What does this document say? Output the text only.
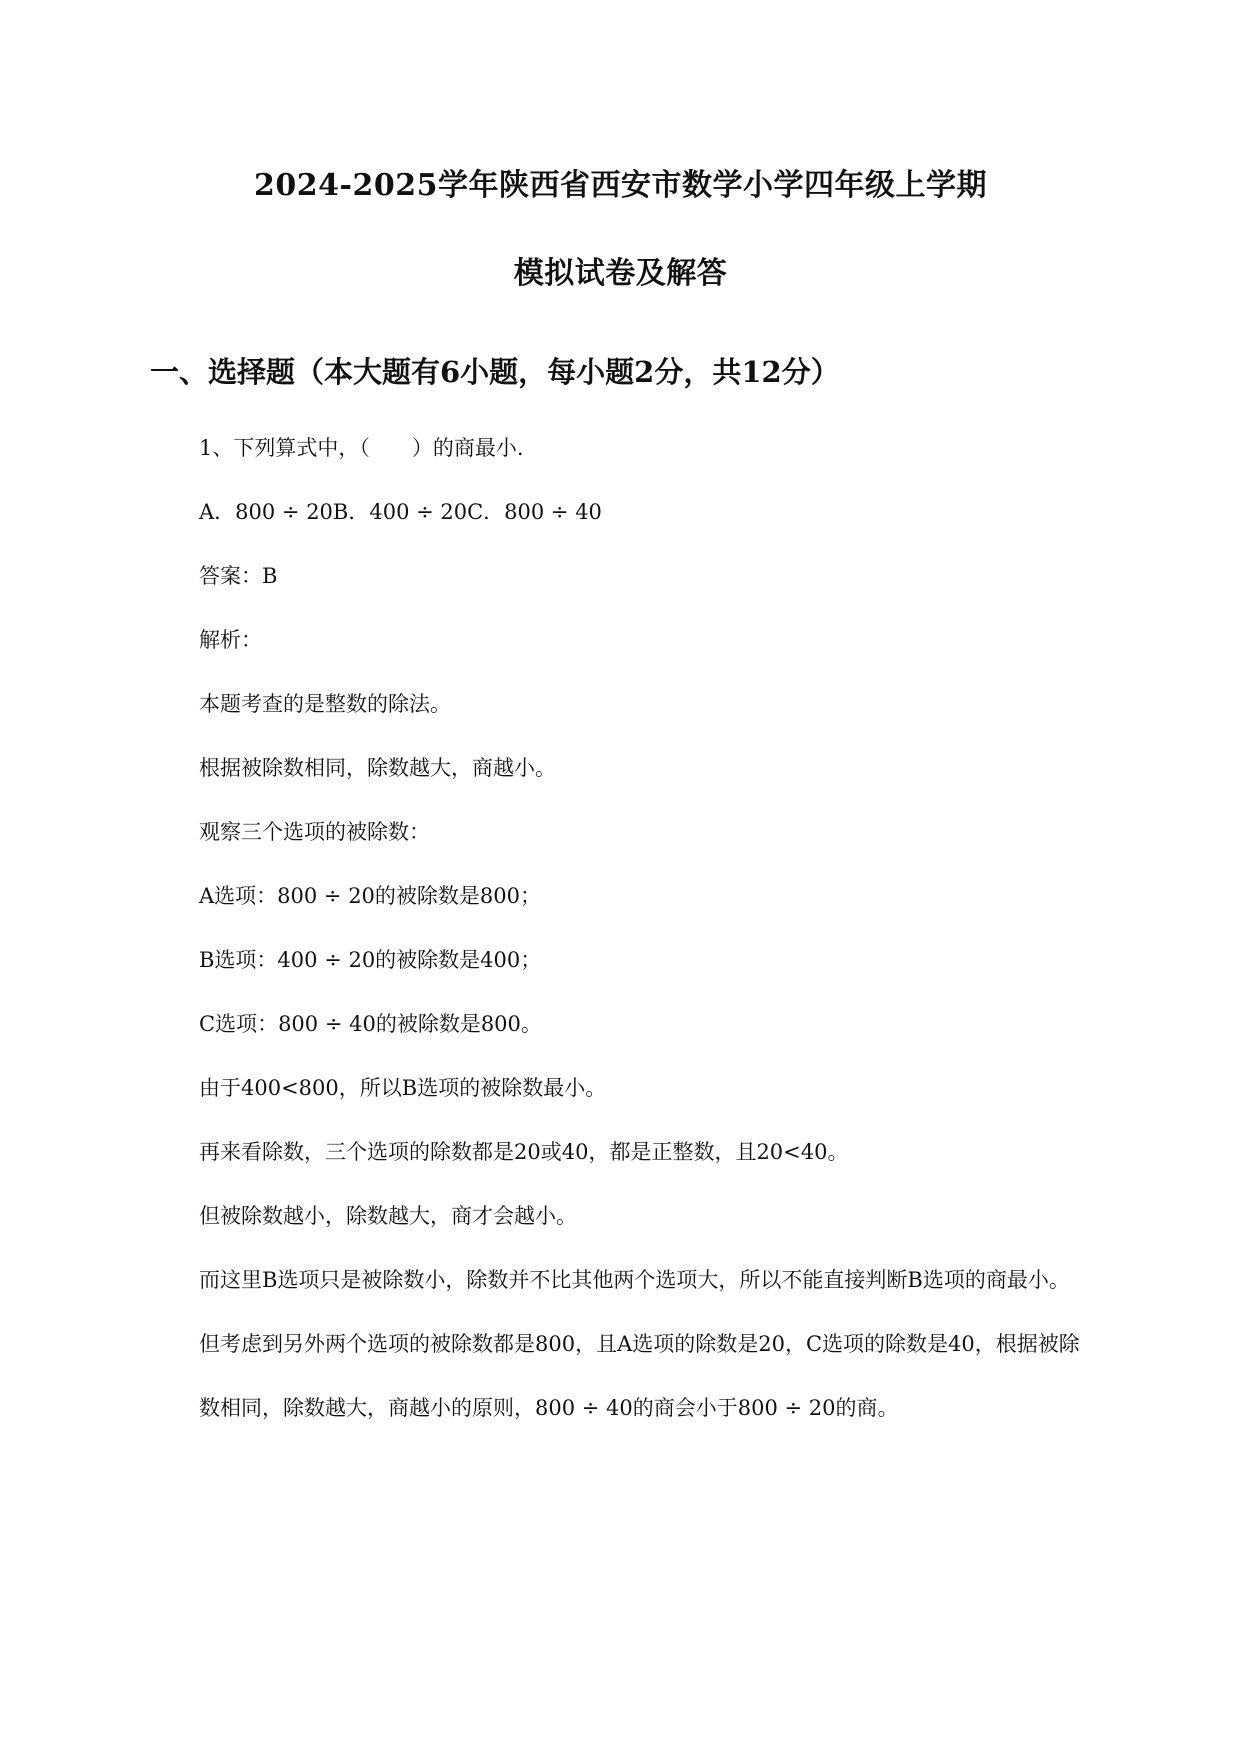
2024-2025学年陕西省西安市数学小学四年级上学期
模拟试卷及解答
一、选择题（本大题有6小题，每小题2分，共12分）

1、下列算式中，（　　）的商最小.

A．800 ÷ 20B．400 ÷ 20C．800 ÷ 40

答案：B

解析：

本题考查的是整数的除法。

根据被除数相同，除数越大，商越小。

观察三个选项的被除数：

A选项：800 ÷ 20的被除数是800；

B选项：400 ÷ 20的被除数是400；

C选项：800 ÷ 40的被除数是800。

由于400<800，所以B选项的被除数最小。

再来看除数，三个选项的除数都是20或40，都是正整数，且20<40。

但被除数越小，除数越大，商才会越小。

而这里B选项只是被除数小，除数并不比其他两个选项大，所以不能直接判断B选项的商最小。

但考虑到另外两个选项的被除数都是800，且A选项的除数是20，C选项的除数是40，根据被除数相同，除数越大，商越小的原则，800 ÷ 40的商会小于800 ÷ 20的商。
